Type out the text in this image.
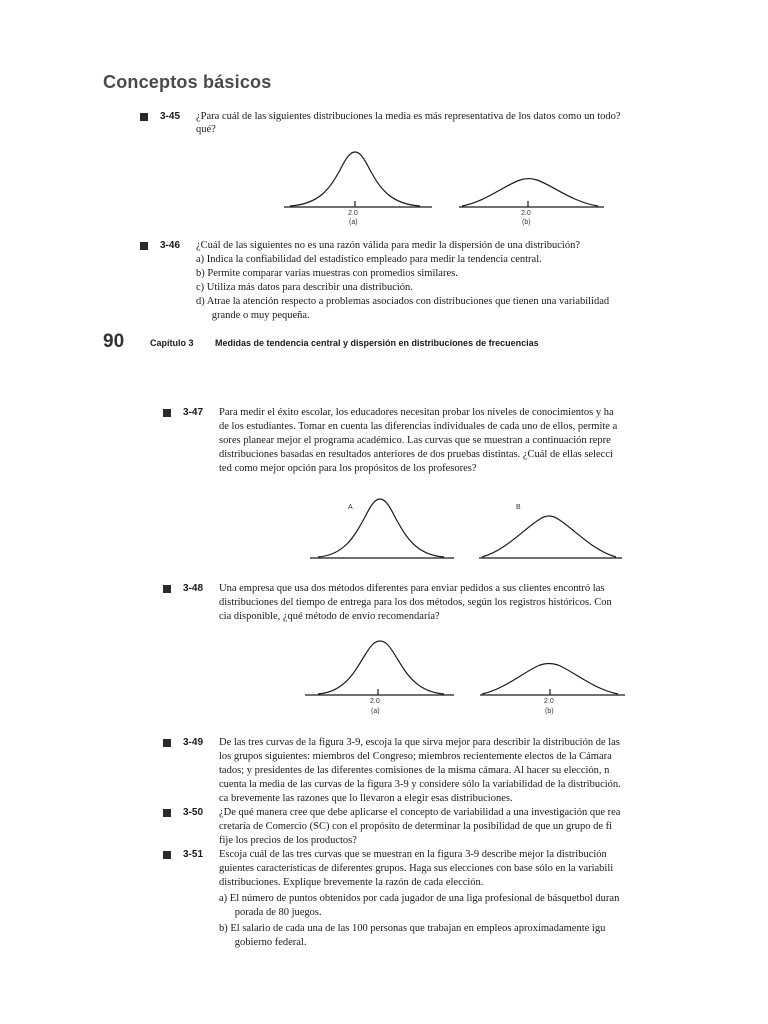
Conceptos básicos
3-45 ¿Para cuál de las siguientes distribuciones la media es más representativa de los datos como un todo?
qué?
2.0
(a)
2.0
(b)
3-46 ¿Cuál de las siguientes no es una razón válida para medir la dispersión de una distribución?
a) Indica la confiabilidad del estadístico empleado para medir la tendencia central.
b) Permite comparar varias muestras con promedios similares.
c) Utiliza más datos para describir una distribución.
d) Atrae la atención respecto a problemas asociados con distribuciones que tienen una variabilidad
grande o muy pequeña.
90	Capítulo 3 Medidas de tendencia central y dispersión en distribuciones de frecuencias
3-47 Para medir el éxito escolar, los educadores necesitan probar los niveles de conocimientos y ha
de los estudiantes. Tomar en cuenta las diferencias individuales de cada uno de ellos, permite a
sores planear mejor el programa académico. Las curvas que se muestran a continuación repre
distribuciones basadas en resultados anteriores de dos pruebas distintas. ¿Cuál de ellas selecci
ted como mejor opción para los propósitos de los profesores?
A	B
3-48 Una empresa que usa dos métodos diferentes para enviar pedidos a sus clientes encontró las
distribuciones del tiempo de entrega para los dos métodos, según los registros históricos. Con
cia disponible, ¿qué método de envío recomendaría?
2.0
(a)
2.0
(b)
3-49 De las tres curvas de la figura 3-9, escoja la que sirva mejor para describir la distribución de las
los grupos siguientes: miembros del Congreso; miembros recientemente electos de la Cámara
tados; y presidentes de las diferentes comisiones de la misma cámara. Al hacer su elección, n
cuenta la media de las curvas de la figura 3-9 y considere sólo la variabilidad de la distribución.
ca brevemente las razones que lo llevaron a elegir esas distribuciones.
3-50 ¿De qué manera cree que debe aplicarse el concepto de variabilidad a una investigación que rea
cretaría de Comercio (SC) con el propósito de determinar la posibilidad de que un grupo de fi
fije los precios de los productos?
3-51 Escoja cuál de las tres curvas que se muestran en la figura 3-9 describe mejor la distribución
guientes características de diferentes grupos. Haga sus elecciones con base sólo en la variabili
distribuciones. Explique brevemente la razón de cada elección.
a) El número de puntos obtenidos por cada jugador de una liga profesional de básquetbol duran
porada de 80 juegos.
b) El salario de cada una de las 100 personas que trabajan en empleos aproximadamente igu
gobierno federal.
